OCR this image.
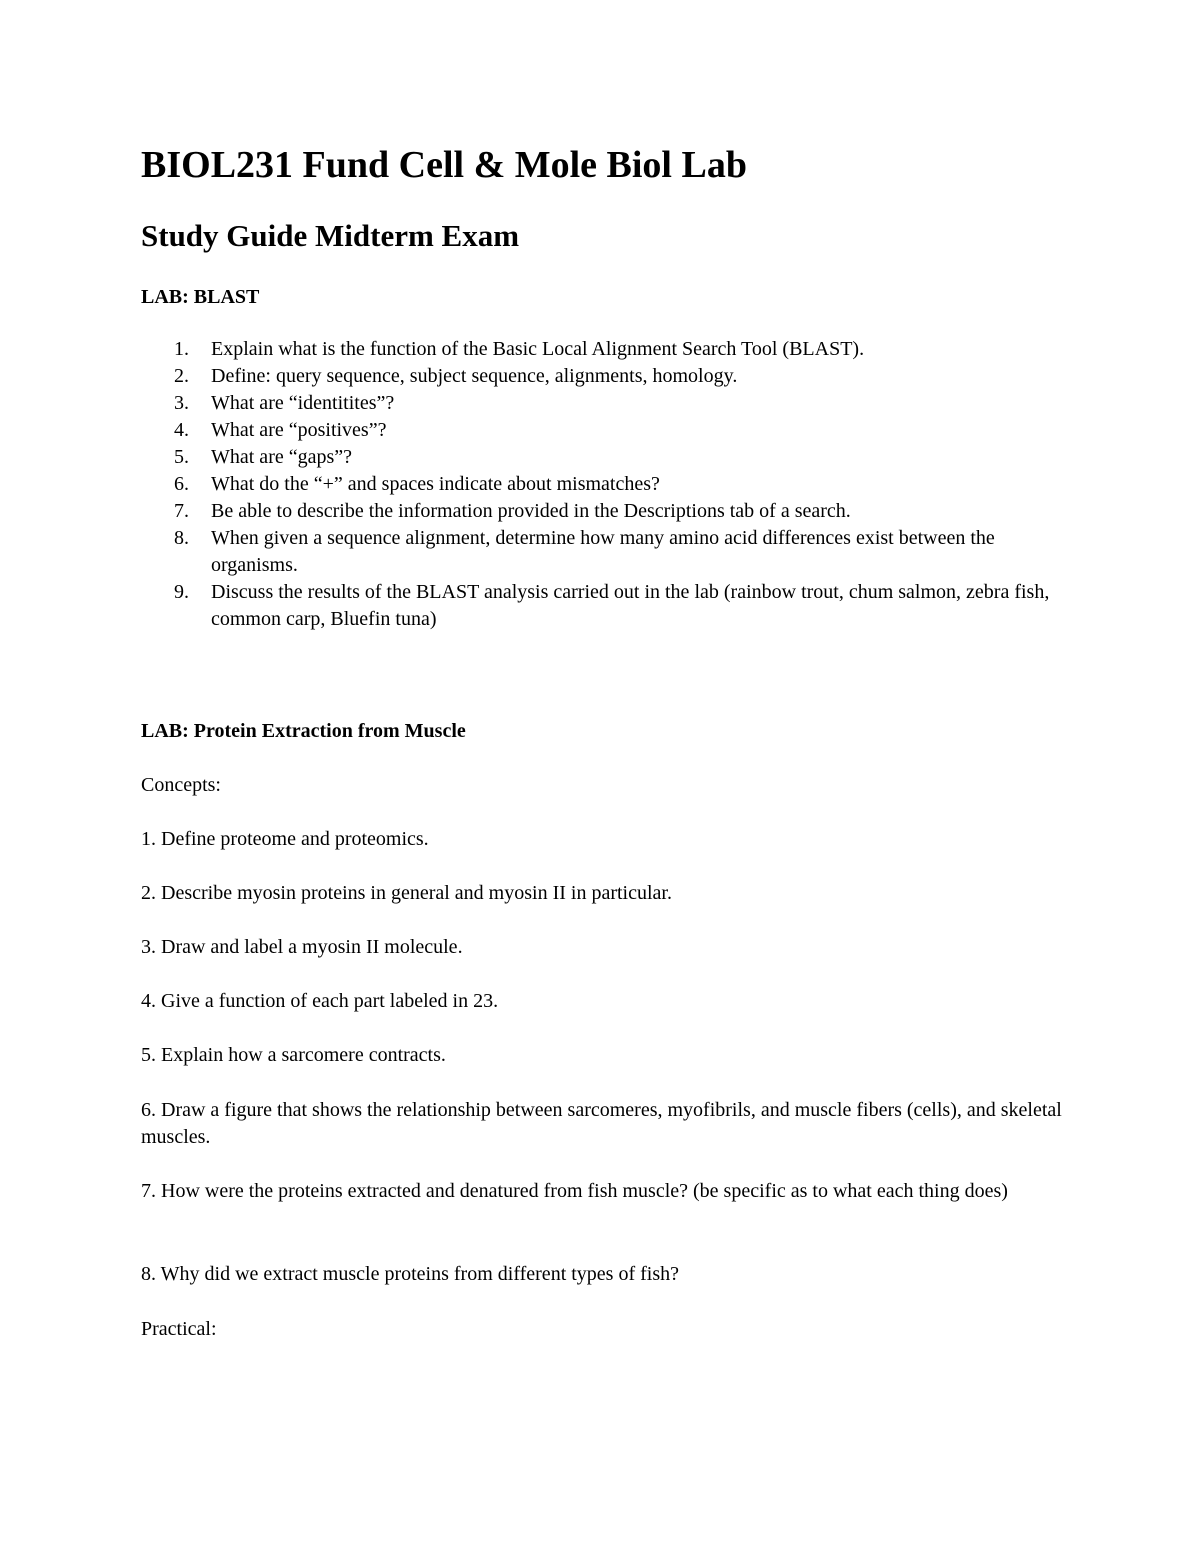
BIOL231 Fund Cell & Mole Biol Lab
Study Guide Midterm Exam
LAB: BLAST
1. Explain what is the function of the Basic Local Alignment Search Tool (BLAST).
2. Define: query sequence, subject sequence, alignments, homology.
3. What are “identitites”?
4. What are “positives”?
5. What are “gaps”?
6. What do the “+” and spaces indicate about mismatches?
7. Be able to describe the information provided in the Descriptions tab of a search.
8. When given a sequence alignment, determine how many amino acid differences exist between the organisms.
9. Discuss the results of the BLAST analysis carried out in the lab (rainbow trout, chum salmon, zebra fish, common carp, Bluefin tuna)
LAB: Protein Extraction from Muscle
Concepts:
1. Define proteome and proteomics.
2. Describe myosin proteins in general and myosin II in particular.
3. Draw and label a myosin II molecule.
4. Give a function of each part labeled in 23.
5. Explain how a sarcomere contracts.
6. Draw a figure that shows the relationship between sarcomeres, myofibrils, and muscle fibers (cells), and skeletal muscles.
7. How were the proteins extracted and denatured from fish muscle? (be specific as to what each thing does)
8. Why did we extract muscle proteins from different types of fish?
Practical:
